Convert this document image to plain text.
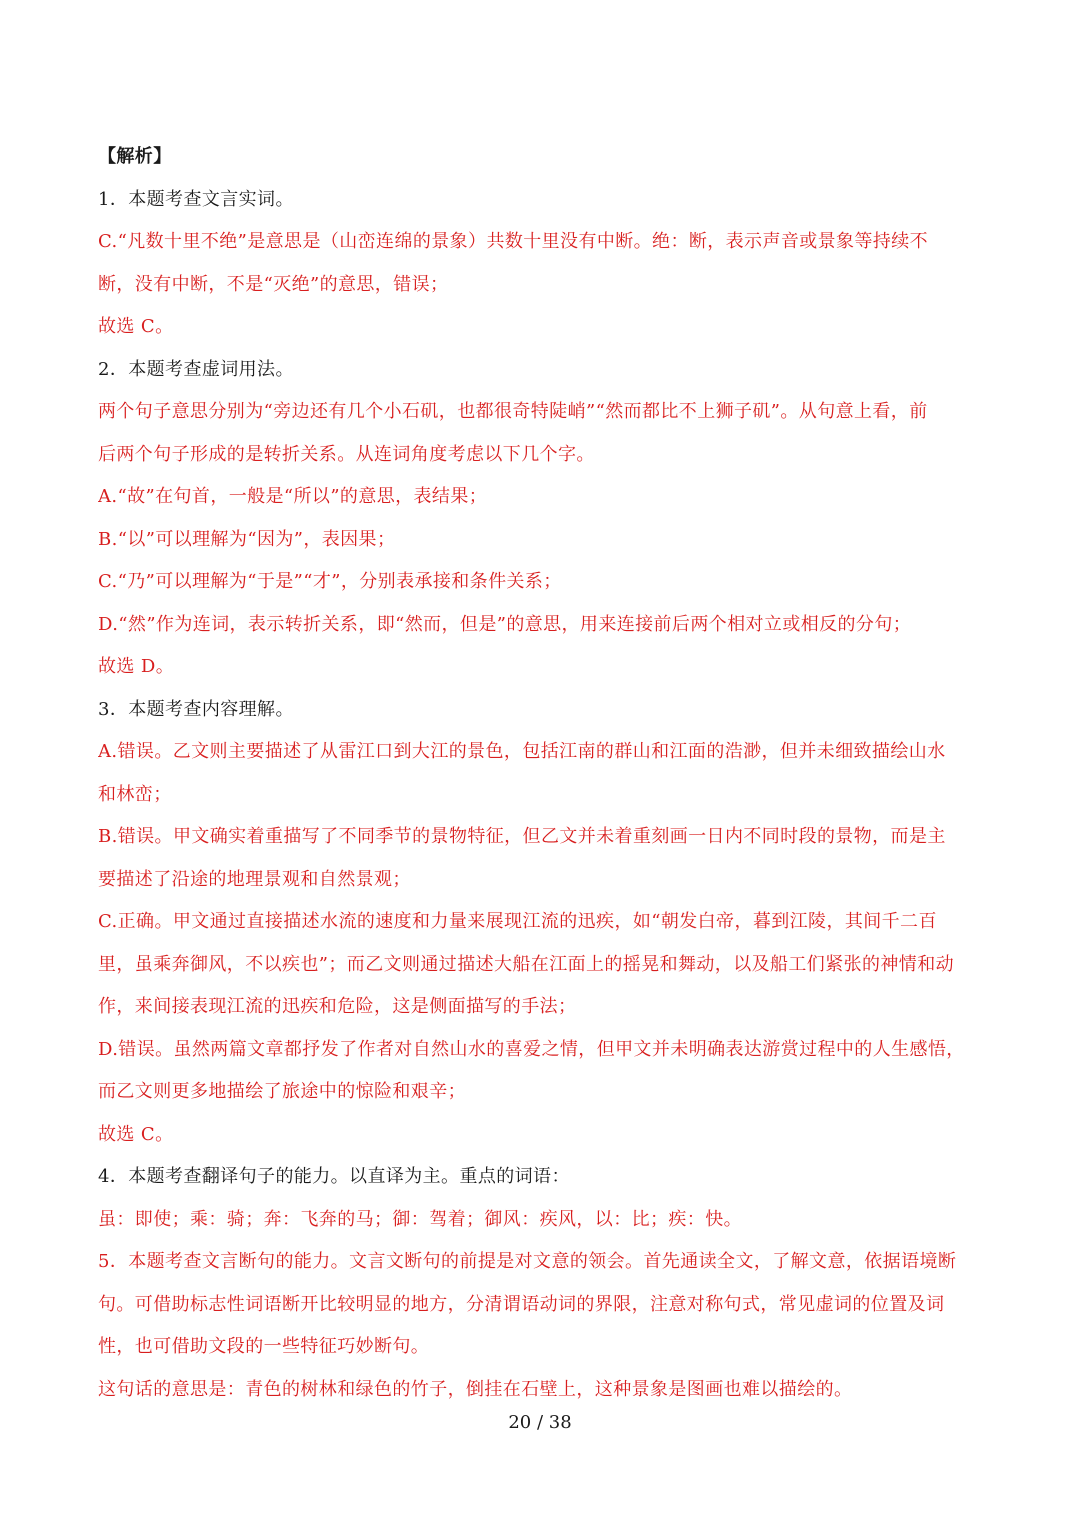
【解析】
1．本题考查文言实词。
C.“凡数十里不绝”是意思是（山峦连绵的景象）共数十里没有中断。绝：断，表示声音或景象等持续不
断，没有中断，不是“灭绝”的意思，错误；
故选 C。
2．本题考查虚词用法。
两个句子意思分别为“旁边还有几个小石矶，也都很奇特陡峭”“然而都比不上狮子矶”。从句意上看，前
后两个句子形成的是转折关系。从连词角度考虑以下几个字。
A.“故”在句首，一般是“所以”的意思，表结果；
B.“以”可以理解为“因为”，表因果；
C.“乃”可以理解为“于是”“才”，分别表承接和条件关系；
D.“然”作为连词，表示转折关系，即“然而，但是”的意思，用来连接前后两个相对立或相反的分句；
故选 D。
3．本题考查内容理解。
A.错误。乙文则主要描述了从雷江口到大江的景色，包括江南的群山和江面的浩渺，但并未细致描绘山水
和林峦；
B.错误。甲文确实着重描写了不同季节的景物特征，但乙文并未着重刻画一日内不同时段的景物，而是主
要描述了沿途的地理景观和自然景观；
C.正确。甲文通过直接描述水流的速度和力量来展现江流的迅疾，如“朝发白帝，暮到江陵，其间千二百
里，虽乘奔御风，不以疾也”；而乙文则通过描述大船在江面上的摇晃和舞动，以及船工们紧张的神情和动
作，来间接表现江流的迅疾和危险，这是侧面描写的手法；
D.错误。虽然两篇文章都抒发了作者对自然山水的喜爱之情，但甲文并未明确表达游赏过程中的人生感悟，
而乙文则更多地描绘了旅途中的惊险和艰辛；
故选 C。
4．本题考查翻译句子的能力。以直译为主。重点的词语：
虽：即使；乘：骑；奔：飞奔的马；御：驾着；御风：疾风，以：比；疾：快。
5．本题考查文言断句的能力。文言文断句的前提是对文意的领会。首先通读全文，了解文意，依据语境断
句。可借助标志性词语断开比较明显的地方，分清谓语动词的界限，注意对称句式，常见虚词的位置及词
性，也可借助文段的一些特征巧妙断句。
这句话的意思是：青色的树林和绿色的竹子，倒挂在石壁上，这种景象是图画也难以描绘的。
20 / 38
